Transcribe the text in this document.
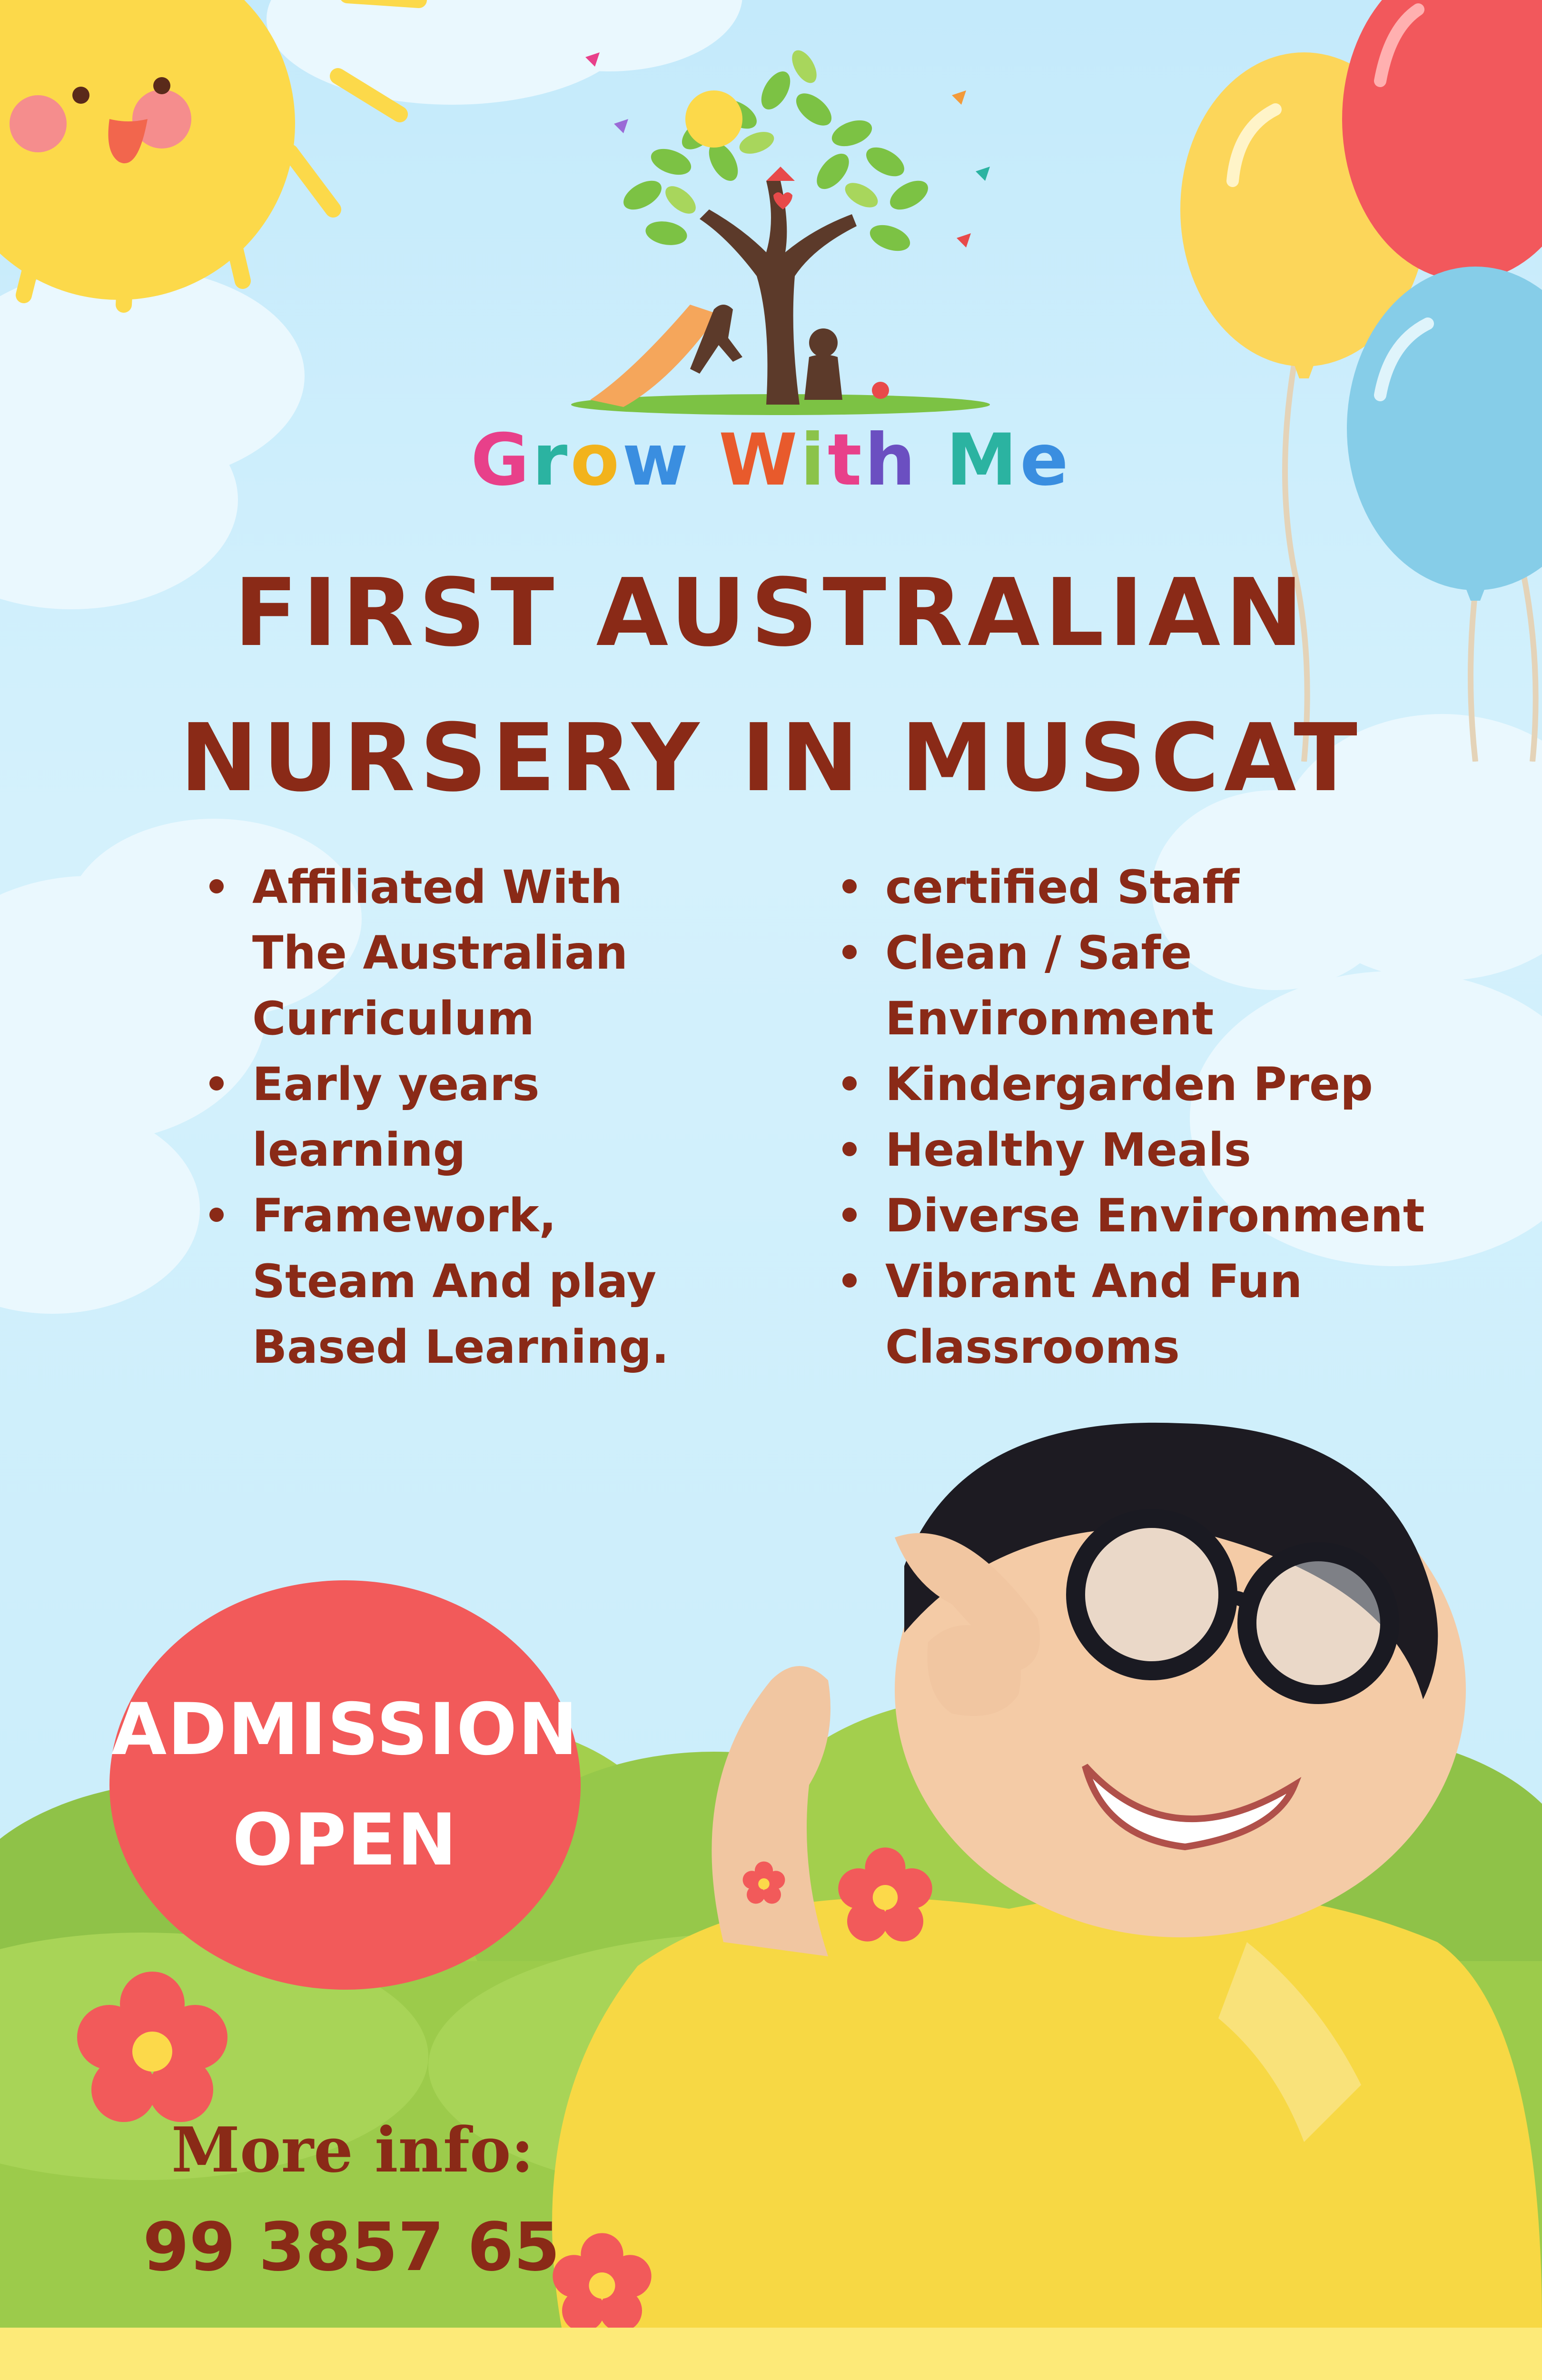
Grow With Me
FIRST AUSTRALIAN
NURSERY IN MUSCAT
Affiliated With
The Australian
Curriculum
Early years
learning
Framework,
Steam And play
Based Learning.
certified Staff
Clean / Safe
Environment
Kindergarden Prep
Healthy Meals
Diverse Environment
Vibrant And Fun
Classrooms
ADMISSION
OPEN
More info:
99 3857 65
